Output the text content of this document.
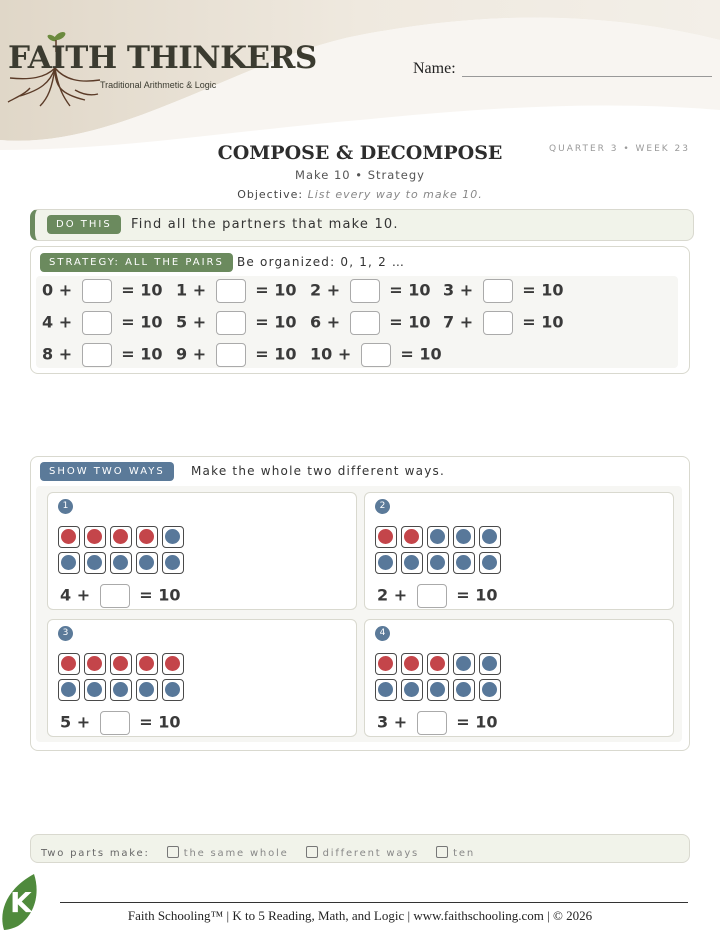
FAITH THINKERS
Traditional Arithmetic & Logic
Name:
COMPOSE & DECOMPOSE	QUARTER 3 • WEEK 23
Make 10 • Strategy
Objective: List every way to make 10.
DO THIS	Find all the partners that make 10.
STRATEGY: ALL THE PAIRS	Be organized: 0, 1, 2 …
0 +  = 10 1 +  = 10 2 +  = 10 3 +  = 10
4 +  = 10 5 +  = 10 6 +  = 10 7 +  = 10
8 +  = 10 9 +  = 10 10 +  = 10
SHOW TWO WAYS	Make the whole two different ways.
1
4 +  = 10
2
2 +  = 10
3
5 +  = 10
4
3 +  = 10
Two parts make:	the same whole	different ways	ten
K	Faith Schooling™ | K to 5 Reading, Math, and Logic | www.faithschooling.com | © 2026
